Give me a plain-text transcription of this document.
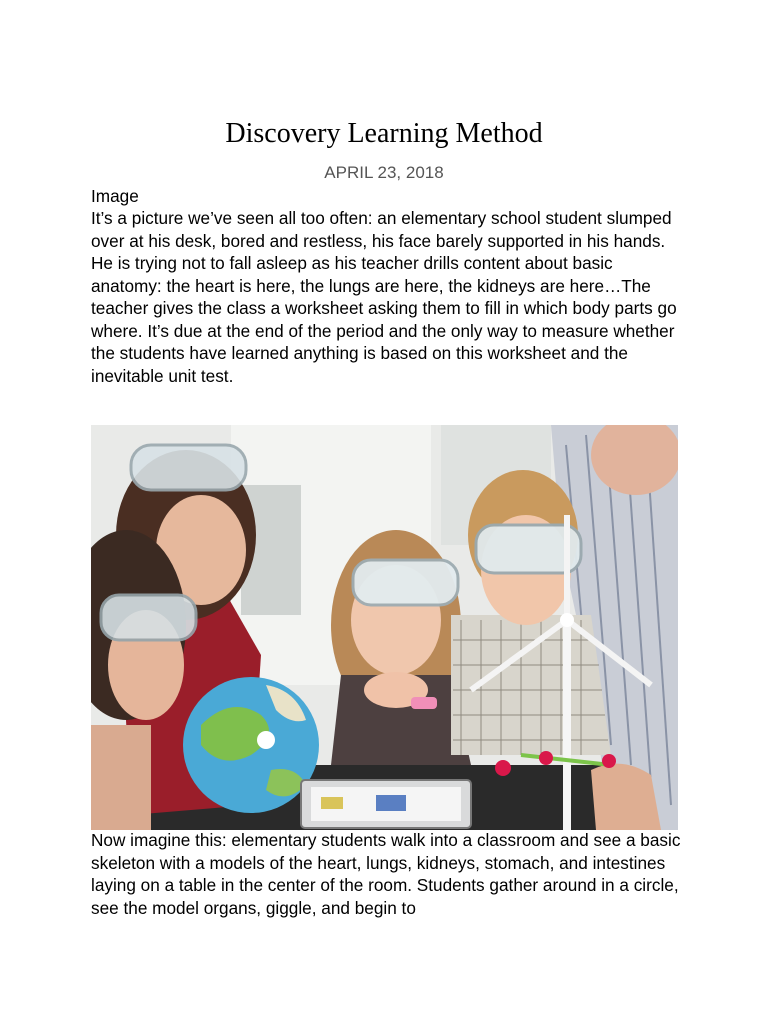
Discovery Learning Method
APRIL 23, 2018
Image
It’s a picture we’ve seen all too often: an elementary school student slumped over at his desk, bored and restless, his face barely supported in his hands. He is trying not to fall asleep as his teacher drills content about basic anatomy: the heart is here, the lungs are here, the kidneys are here…The teacher gives the class a worksheet asking them to fill in which body parts go where. It’s due at the end of the period and the only way to measure whether the students have learned anything is based on this worksheet and the inevitable unit test.
Now imagine this: elementary students walk into a classroom and see a basic skeleton with a models of the heart, lungs, kidneys, stomach, and intestines laying on a table in the center of the room. Students gather around in a circle, see the model organs, giggle, and begin to
